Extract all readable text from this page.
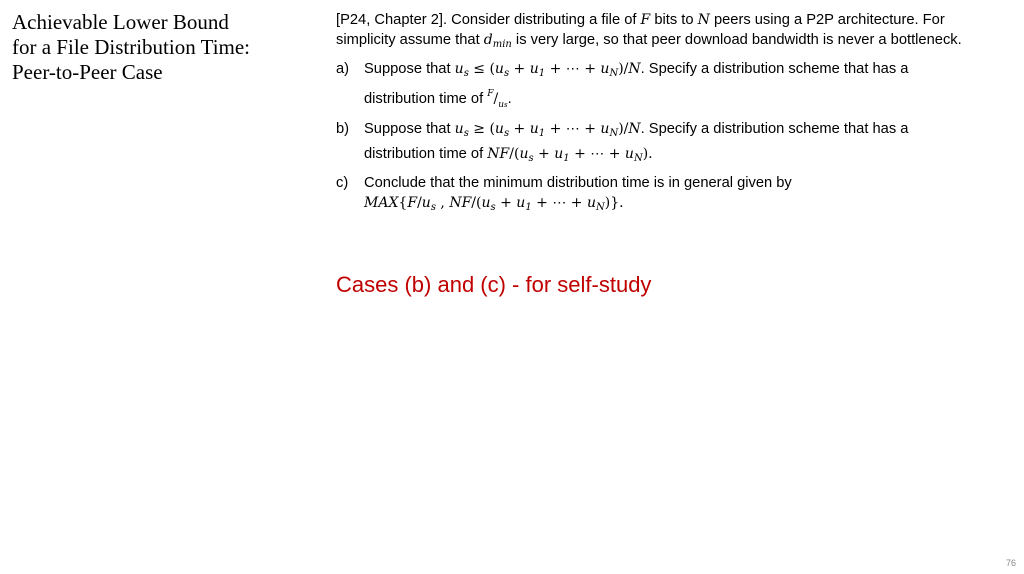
Achievable Lower Bound
for a File Distribution Time:
Peer-to-Peer Case
[P24, Chapter 2]. Consider distributing a file of F bits to N peers using a P2P architecture. For
simplicity assume that $d_{min}$ is very large, so that peer download bandwidth is never a bottleneck.
a) Suppose that $u_s \le (u_s + u_1$ + ⋯ + $u_N)/N$. Specify a distribution scheme that has a
distribution time of $^F/_{us}$.
b) Suppose that $u_s \ge (u_s + u_1$ + ⋯ + $u_N)/N$. Specify a distribution scheme that has a
distribution time of $NF/(u_s + u_1$ + ⋯ + $u_N$).
c) Conclude that the minimum distribution time is in general given by
$MAX\{F/u_s$ , $NF/(u_s + u_1$ + ⋯ + $u_N$)}.

Cases (b) and (c) - for self-study

76
